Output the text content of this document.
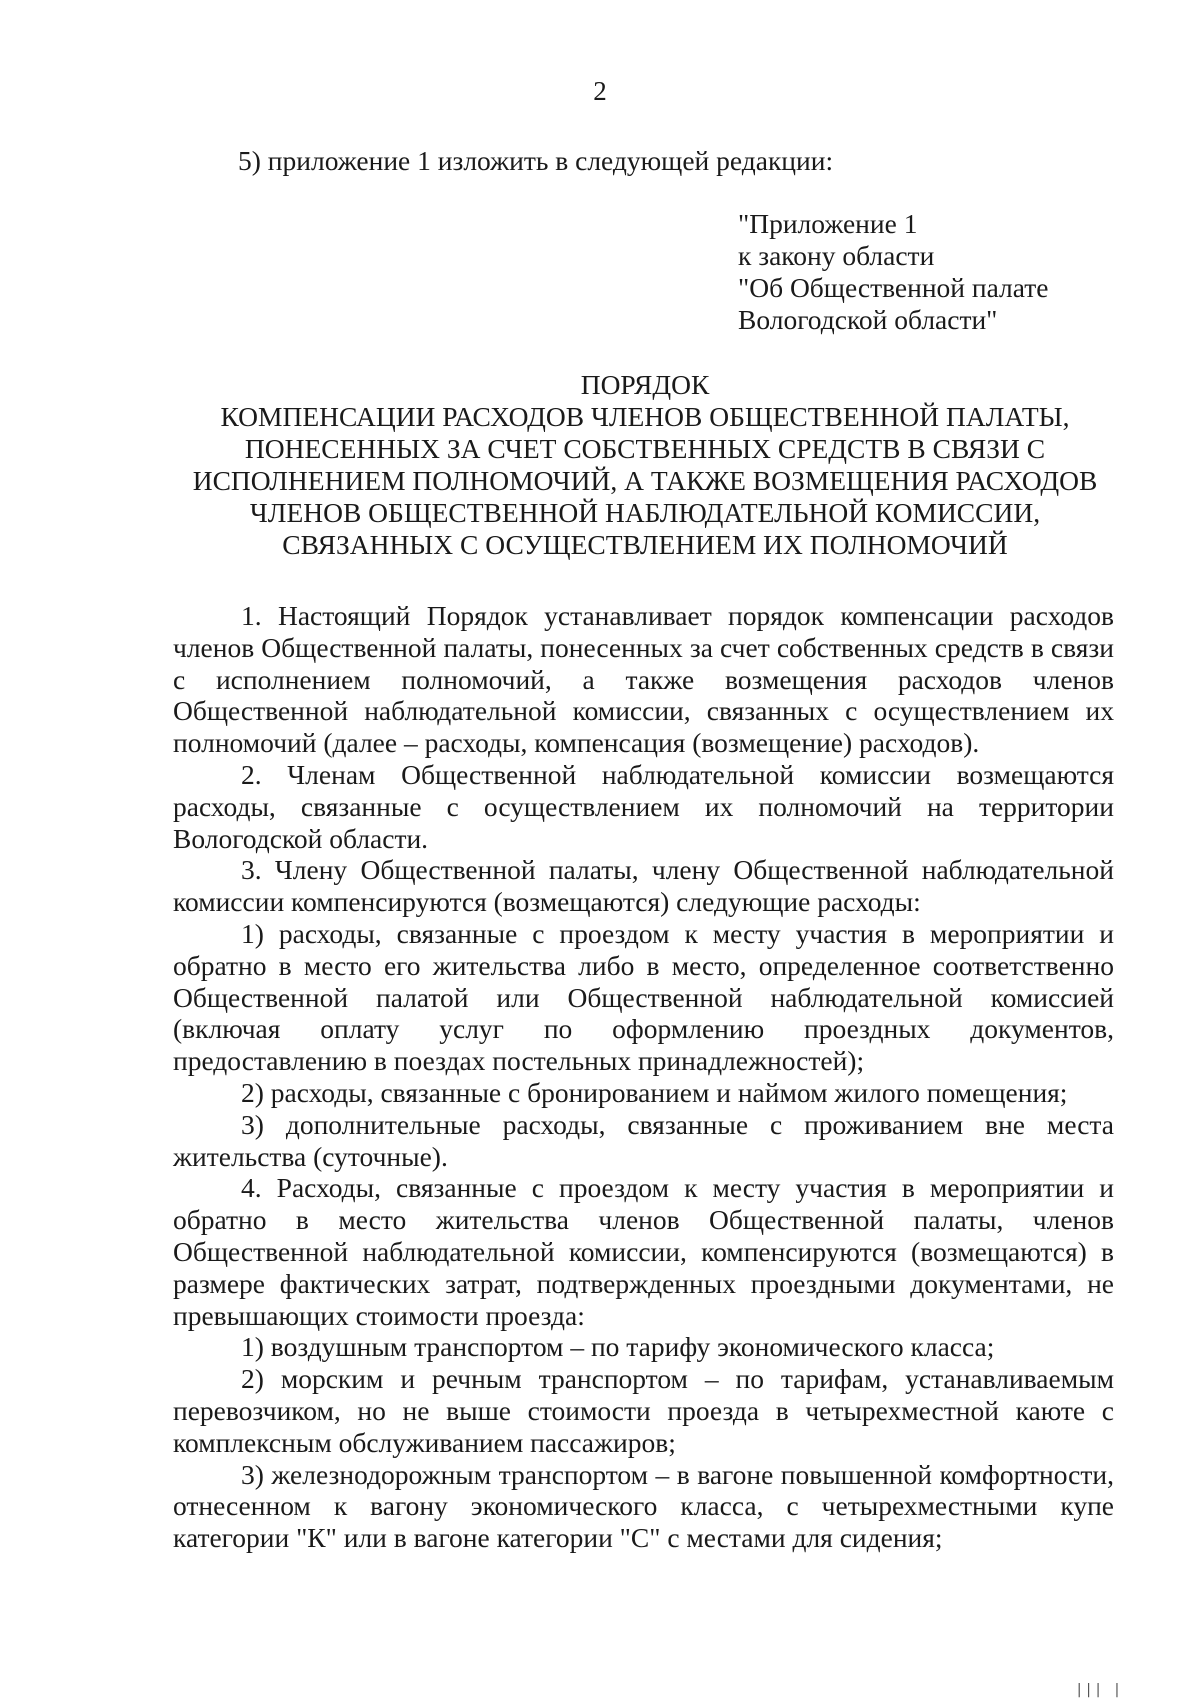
2
5) приложение 1 изложить в следующей редакции:
"Приложение 1
к закону области
"Об Общественной палате
Вологодской области"
ПОРЯДОК
КОМПЕНСАЦИИ РАСХОДОВ ЧЛЕНОВ ОБЩЕСТВЕННОЙ ПАЛАТЫ,
ПОНЕСЕННЫХ ЗА СЧЕТ СОБСТВЕННЫХ СРЕДСТВ В СВЯЗИ С
ИСПОЛНЕНИЕМ ПОЛНОМОЧИЙ, А ТАКЖЕ ВОЗМЕЩЕНИЯ РАСХОДОВ
ЧЛЕНОВ ОБЩЕСТВЕННОЙ НАБЛЮДАТЕЛЬНОЙ КОМИССИИ,
СВЯЗАННЫХ С ОСУЩЕСТВЛЕНИЕМ ИХ ПОЛНОМОЧИЙ

1. Настоящий Порядок устанавливает порядок компенсации расходов членов Общественной палаты, понесенных за счет собственных средств в связи с исполнением полномочий, а также возмещения расходов членов Общественной наблюдательной комиссии, связанных с осуществлением их полномочий (далее – расходы, компенсация (возмещение) расходов).

2. Членам Общественной наблюдательной комиссии возмещаются расходы, связанные с осуществлением их полномочий на территории Вологодской области.

3. Члену Общественной палаты, члену Общественной наблюдательной комиссии компенсируются (возмещаются) следующие расходы:

1) расходы, связанные с проездом к месту участия в мероприятии и обратно в место его жительства либо в место, определенное соответственно Общественной палатой или Общественной наблюдательной комиссией (включая оплату услуг по оформлению проездных документов, предоставлению в поездах постельных принадлежностей);

2) расходы, связанные с бронированием и наймом жилого помещения;

3) дополнительные расходы, связанные с проживанием вне места жительства (суточные).

4. Расходы, связанные с проездом к месту участия в мероприятии и обратно в место жительства членов Общественной палаты, членов Общественной наблюдательной комиссии, компенсируются (возмещаются) в размере фактических затрат, подтвержденных проездными документами, не превышающих стоимости проезда:

1) воздушным транспортом – по тарифу экономического класса;

2) морским и речным транспортом – по тарифам, устанавливаемым перевозчиком, но не выше стоимости проезда в четырехместной каюте с комплексным обслуживанием пассажиров;

3) железнодорожным транспортом – в вагоне повышенной комфортности, отнесенном к вагону экономического класса, с четырехместными купе категории "К" или в вагоне категории "С" с местами для сидения;

||| |
